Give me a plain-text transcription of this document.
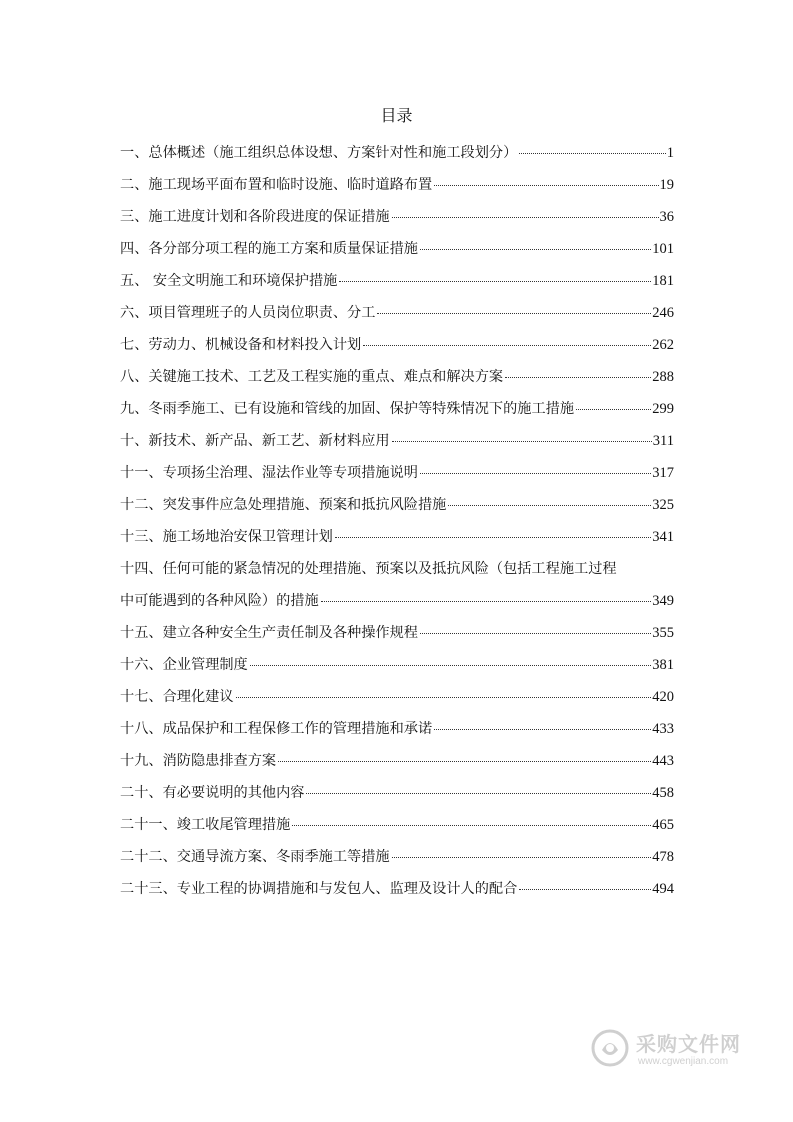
目录
一、总体概述（施工组织总体设想、方案针对性和施工段划分）	1
二、施工现场平面布置和临时设施、临时道路布置	19
三、施工进度计划和各阶段进度的保证措施	36
四、各分部分项工程的施工方案和质量保证措施	101
五、 安全文明施工和环境保护措施	181
六、项目管理班子的人员岗位职责、分工	246
七、劳动力、机械设备和材料投入计划	262
八、关键施工技术、工艺及工程实施的重点、难点和解决方案	288
九、冬雨季施工、已有设施和管线的加固、保护等特殊情况下的施工措施	299
十、新技术、新产品、新工艺、新材料应用	311
十一、专项扬尘治理、湿法作业等专项措施说明	317
十二、突发事件应急处理措施、预案和抵抗风险措施	325
十三、施工场地治安保卫管理计划	341
十四、任何可能的紧急情况的处理措施、预案以及抵抗风险（包括工程施工过程
中可能遇到的各种风险）的措施	349
十五、建立各种安全生产责任制及各种操作规程	355
十六、企业管理制度	381
十七、合理化建议	420
十八、成品保护和工程保修工作的管理措施和承诺	433
十九、消防隐患排查方案	443
二十、有必要说明的其他内容	458
二十一、竣工收尾管理措施	465
二十二、交通导流方案、冬雨季施工等措施	478
二十三、专业工程的协调措施和与发包人、监理及设计人的配合	494
采购文件网
www.cgwenjian.com
